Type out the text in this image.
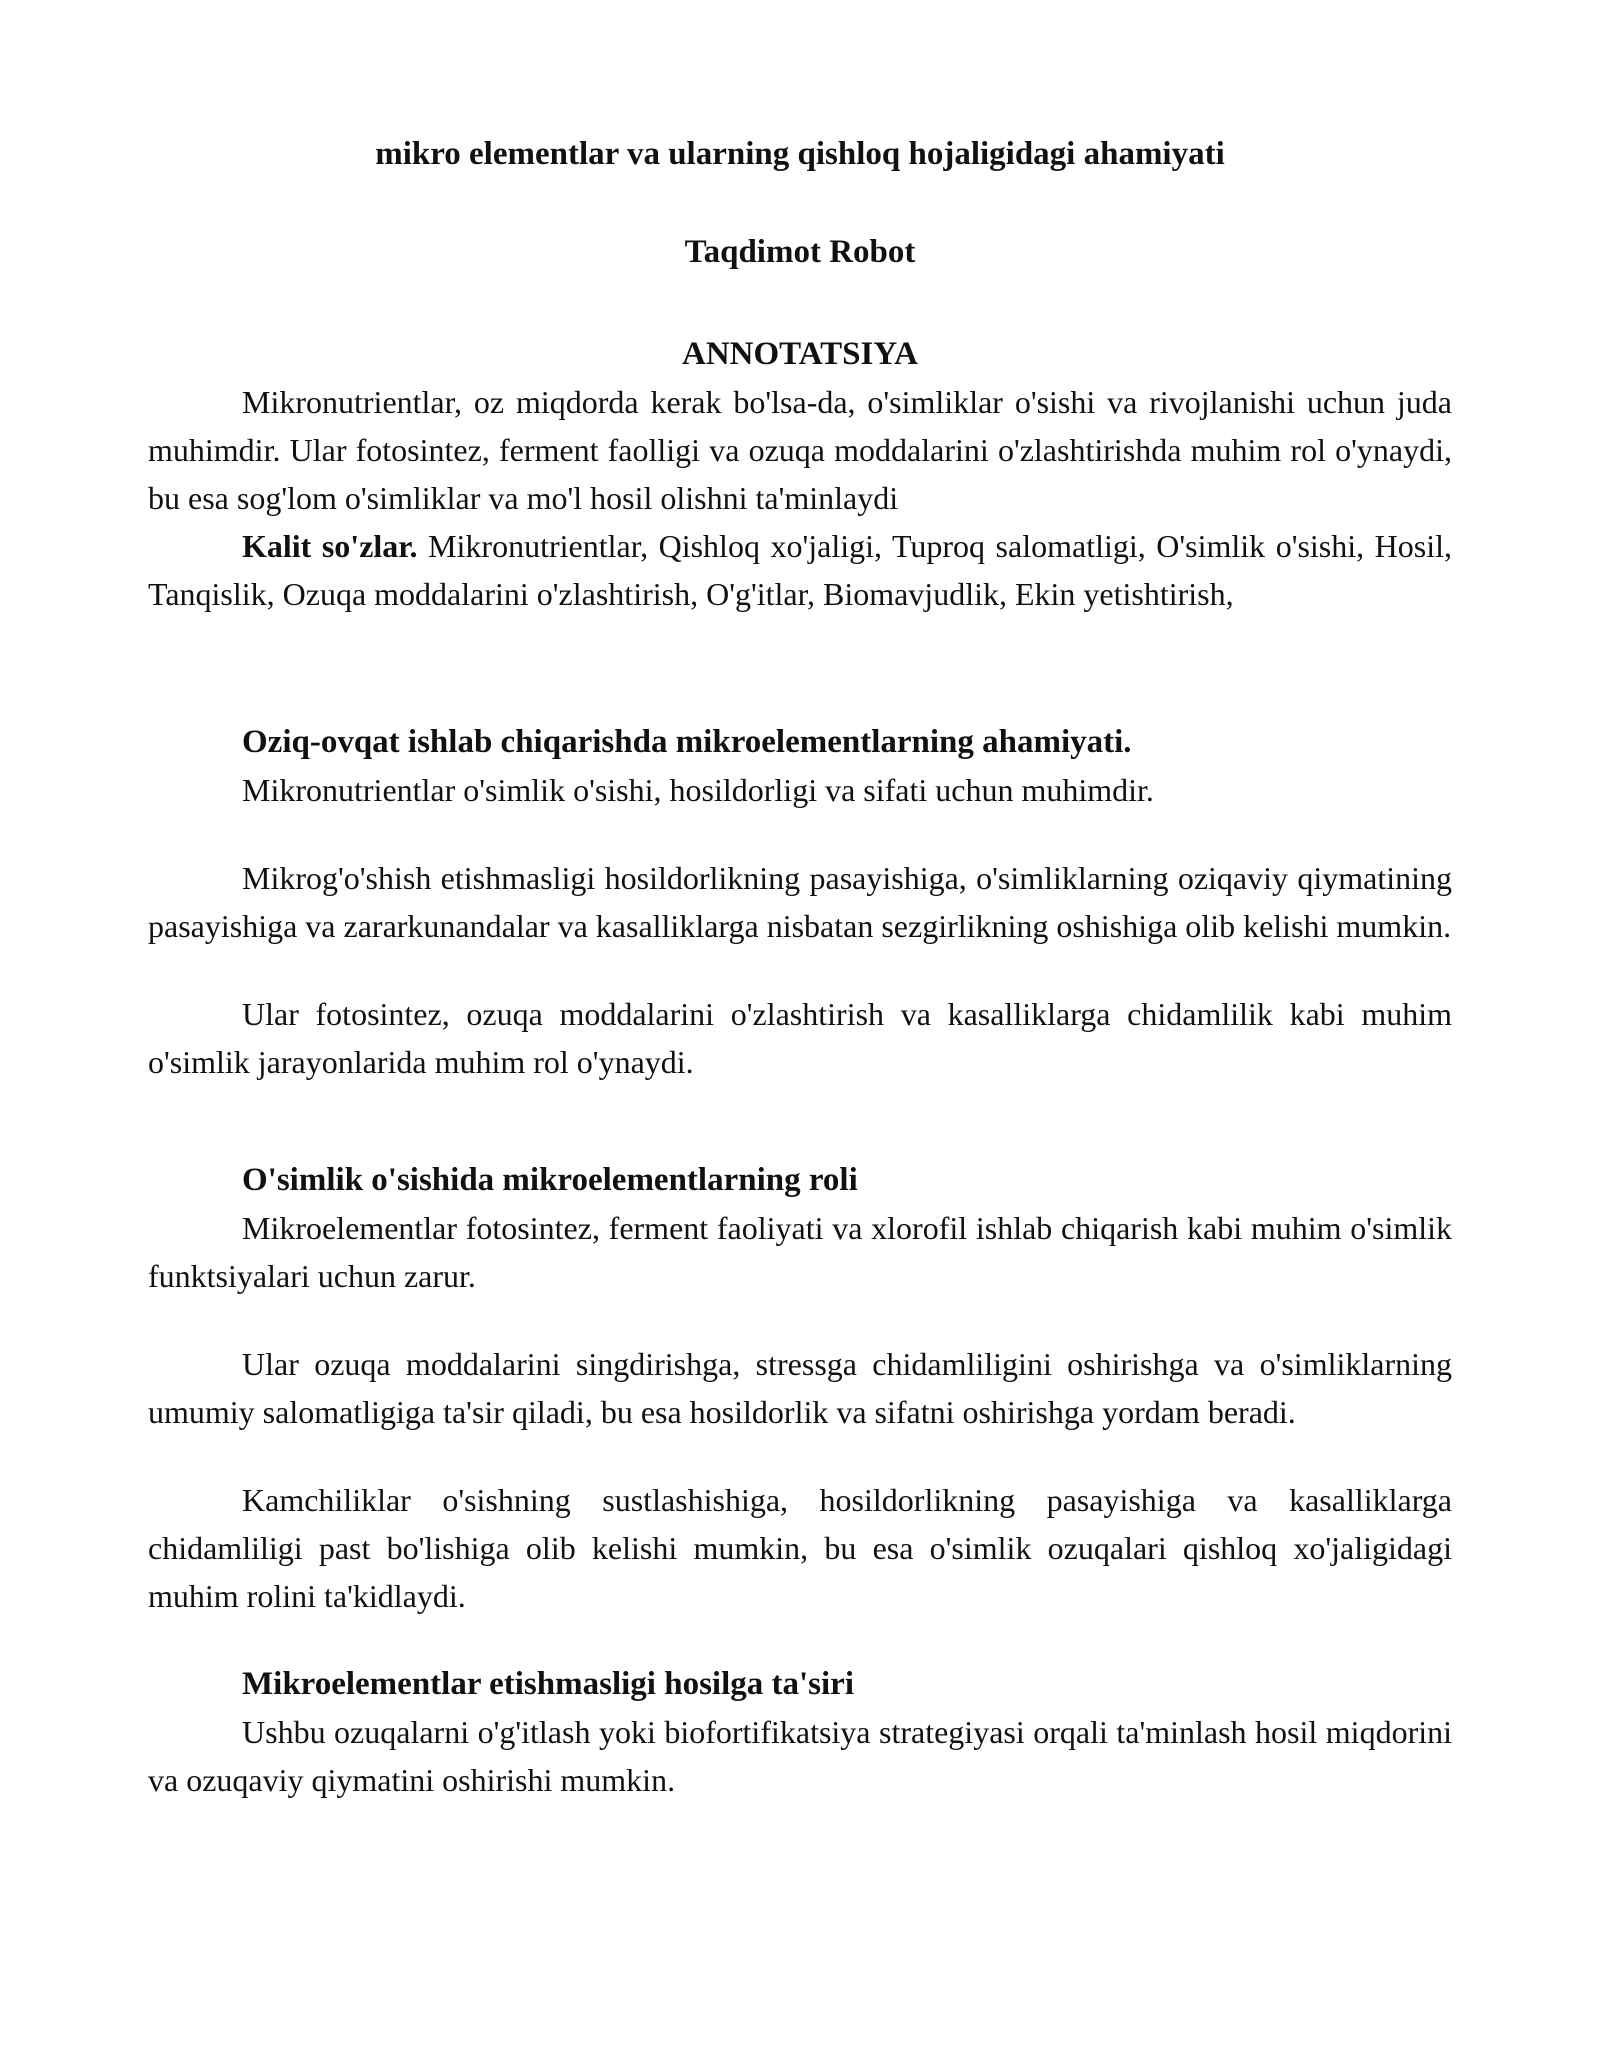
mikro elementlar va ularning qishloq hojaligidagi ahamiyati
Taqdimot Robot
ANNOTATSIYA

Mikronutrientlar, oz miqdorda kerak bo'lsa-da, o'simliklar o'sishi va rivojlanishi uchun juda muhimdir. Ular fotosintez, ferment faolligi va ozuqa moddalarini o'zlashtirishda muhim rol o'ynaydi, bu esa sog'lom o'simliklar va mo'l hosil olishni ta'minlaydi

Kalit so'zlar. Mikronutrientlar, Qishloq xo'jaligi, Tuproq salomatligi, O'simlik o'sishi, Hosil, Tanqislik, Ozuqa moddalarini o'zlashtirish, O'g'itlar, Biomavjudlik, Ekin yetishtirish,

Oziq-ovqat ishlab chiqarishda mikroelementlarning ahamiyati.

Mikronutrientlar o'simlik o'sishi, hosildorligi va sifati uchun muhimdir.

Mikrog'o'shish etishmasligi hosildorlikning pasayishiga, o'simliklarning oziqaviy qiymatining pasayishiga va zararkunandalar va kasalliklarga nisbatan sezgirlikning oshishiga olib kelishi mumkin.

Ular fotosintez, ozuqa moddalarini o'zlashtirish va kasalliklarga chidamlilik kabi muhim o'simlik jarayonlarida muhim rol o'ynaydi.

O'simlik o'sishida mikroelementlarning roli

Mikroelementlar fotosintez, ferment faoliyati va xlorofil ishlab chiqarish kabi muhim o'simlik funktsiyalari uchun zarur.

Ular ozuqa moddalarini singdirishga, stressga chidamliligini oshirishga va o'simliklarning umumiy salomatligiga ta'sir qiladi, bu esa hosildorlik va sifatni oshirishga yordam beradi.

Kamchiliklar o'sishning sustlashishiga, hosildorlikning pasayishiga va kasalliklarga chidamliligi past bo'lishiga olib kelishi mumkin, bu esa o'simlik ozuqalari qishloq xo'jaligidagi muhim rolini ta'kidlaydi.

Mikroelementlar etishmasligi hosilga ta'siri

Ushbu ozuqalarni o'g'itlash yoki biofortifikatsiya strategiyasi orqali ta'minlash hosil miqdorini va ozuqaviy qiymatini oshirishi mumkin.
